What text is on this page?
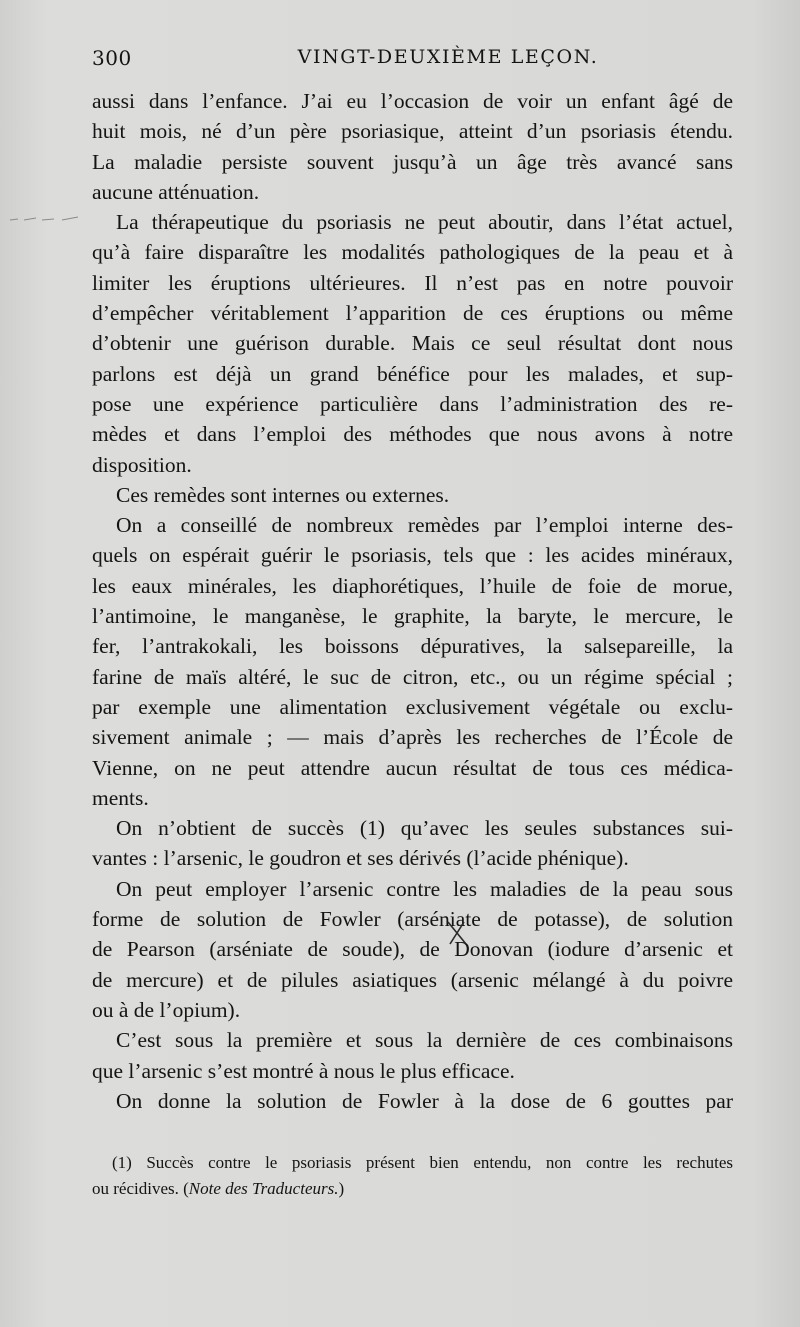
300	VINGT-DEUXIÈME LEÇON.
aussi dans l’enfance. J’ai eu l’occasion de voir un enfant âgé de
huit mois, né d’un père psoriasique, atteint d’un psoriasis étendu.
La maladie persiste souvent jusqu’à un âge très avancé sans
aucune atténuation.
La thérapeutique du psoriasis ne peut aboutir, dans l’état actuel,
qu’à faire disparaître les modalités pathologiques de la peau et à
limiter les éruptions ultérieures. Il n’est pas en notre pouvoir
d’empêcher véritablement l’apparition de ces éruptions ou même
d’obtenir une guérison durable. Mais ce seul résultat dont nous
parlons est déjà un grand bénéfice pour les malades, et sup-
pose une expérience particulière dans l’administration des re-
mèdes et dans l’emploi des méthodes que nous avons à notre
disposition.
Ces remèdes sont internes ou externes.
On a conseillé de nombreux remèdes par l’emploi interne des-
quels on espérait guérir le psoriasis, tels que : les acides minéraux,
les eaux minérales, les diaphorétiques, l’huile de foie de morue,
l’antimoine, le manganèse, le graphite, la baryte, le mercure, le
fer, l’antrakokali, les boissons dépuratives, la salsepareille, la
farine de maïs altéré, le suc de citron, etc., ou un régime spécial ;
par exemple une alimentation exclusivement végétale ou exclu-
sivement animale ; — mais d’après les recherches de l’École de
Vienne, on ne peut attendre aucun résultat de tous ces médica-
ments.
On n’obtient de succès (1) qu’avec les seules substances sui-
vantes : l’arsenic, le goudron et ses dérivés (l’acide phénique).
On peut employer l’arsenic contre les maladies de la peau sous
forme de solution de Fowler (arséniate de potasse), de solution
de Pearson (arséniate de soude), de Donovan (iodure d’arsenic et
de mercure) et de pilules asiatiques (arsenic mélangé à du poivre
ou à de l’opium).
C’est sous la première et sous la dernière de ces combinaisons
que l’arsenic s’est montré à nous le plus efficace.
On donne la solution de Fowler à la dose de 6 gouttes par
(1) Succès contre le psoriasis présent bien entendu, non contre les rechutes
ou récidives. (Note des Traducteurs.)
